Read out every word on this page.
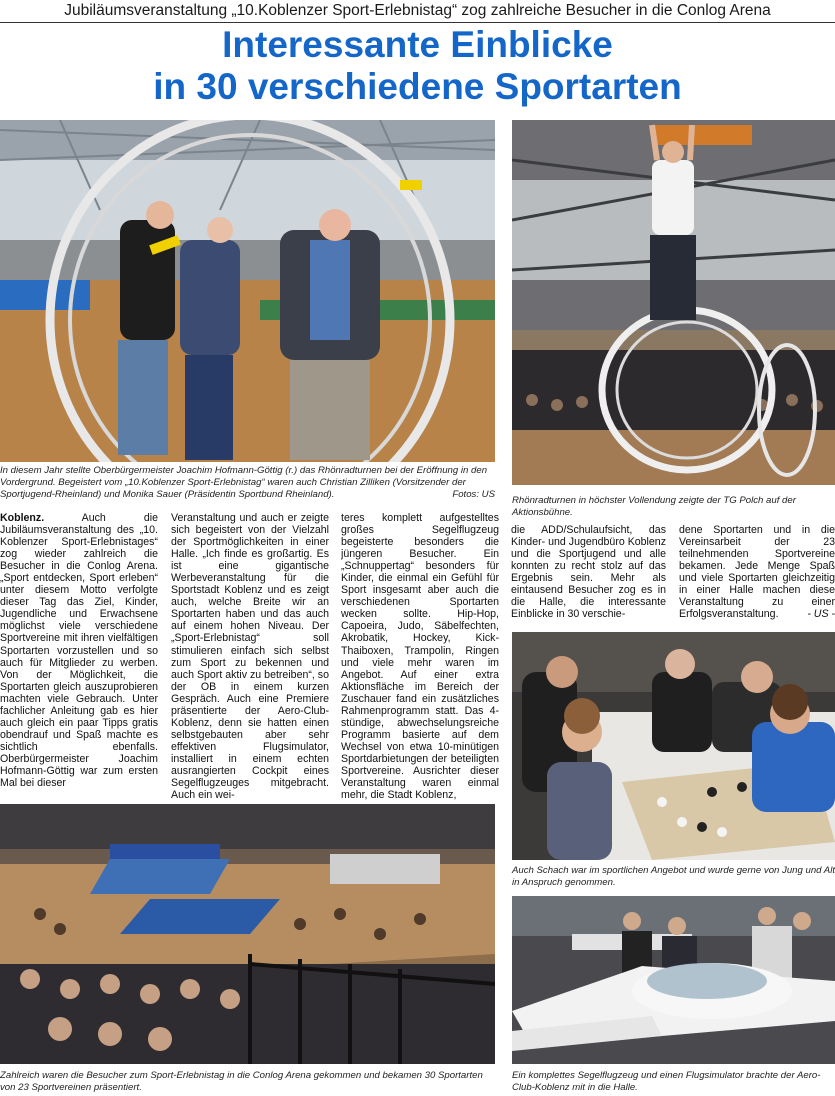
Jubiläumsveranstaltung „10.Koblenzer Sport-Erlebnistag“ zog zahlreiche Besucher in die Conlog Arena
Interessante Einblicke
in 30 verschiedene Sportarten
In diesem Jahr stellte Oberbürgermeister Joachim Hofmann-Göttig (r.) das Rhönradturnen bei der Eröffnung in den Vordergrund. Begeistert vom „10.Koblenzer Sport-Erlebnistag“ waren auch Christian Zilliken (Vorsitzender der Sportjugend-Rheinland) und Monika Sauer (Präsidentin Sportbund Rheinland).	Fotos: US
Rhönradturnen in höchster Vollendung zeigte der TG Polch auf der Aktionsbühne.

Koblenz. Auch die Jubiläumsveranstaltung des „10. Koblenzer Sport-Erlebnistages“ zog wieder zahlreich die Besucher in die Conlog Arena. „Sport entdecken, Sport erleben“ unter diesem Motto verfolgte dieser Tag das Ziel, Kinder, Jugendliche und Erwachsene möglichst viele verschiedene Sportvereine mit ihren vielfältigen Sportarten vorzustellen und so auch für Mitglieder zu werben. Von der Möglichkeit, die Sportarten gleich auszuprobieren machten viele Gebrauch. Unter fachlicher Anleitung gab es hier auch gleich ein paar Tipps gratis obendrauf und Spaß machte es sichtlich ebenfalls. Oberbürgermeister Joachim Hofmann-Göttig war zum ersten Mal bei dieser

Veranstaltung und auch er zeigte sich begeistert von der Vielzahl der Sportmöglichkeiten in einer Halle. „Ich finde es großartig. Es ist eine gigantische Werbeveranstaltung für die Sportstadt Koblenz und es zeigt auch, welche Breite wir an Sportarten haben und das auch auf einem hohen Niveau. Der „Sport-Erlebnistag“ soll stimulieren einfach sich selbst zum Sport zu bekennen und auch Sport aktiv zu betreiben“, so der OB in einem kurzen Gespräch. Auch eine Premiere präsentierte der Aero-Club-Koblenz, denn sie hatten einen selbstgebauten aber sehr effektiven Flugsimulator, installiert in einem echten ausrangierten Cockpit eines Segelflugzeuges mitgebracht. Auch ein wei-

teres komplett aufgestelltes großes Segelflugzeug begeisterte besonders die jüngeren Besucher. Ein „Schnuppertag“ besonders für Kinder, die einmal ein Gefühl für Sport insgesamt aber auch die verschiedenen Sportarten wecken sollte. Hip-Hop, Capoeira, Judo, Säbelfechten, Akrobatik, Hockey, Kick-Thaiboxen, Trampolin, Ringen und viele mehr waren im Angebot. Auf einer extra Aktionsfläche im Bereich der Zuschauer fand ein zusätzliches Rahmenprogramm statt. Das 4-stündige, abwechselungsreiche Programm basierte auf dem Wechsel von etwa 10-minütigen Sportdarbietungen der beteiligten Sportvereine. Ausrichter dieser Veranstaltung waren einmal mehr, die Stadt Koblenz,

die ADD/Schulaufsicht, das Kinder- und Jugendbüro Koblenz und die Sportjugend und alle konnten zu recht stolz auf das Ergebnis sein. Mehr als eintausend Besucher zog es in die Halle, die interessante Einblicke in 30 verschie-

dene Sportarten und in die Vereinsarbeit der 23 teilnehmenden Sportvereine bekamen. Jede Menge Spaß und viele Sportarten gleichzeitig in einer Halle machen diese Veranstaltung zu einer Erfolgsveranstaltung.	- US -

Auch Schach war im sportlichen Angebot und wurde gerne von Jung und Alt in Anspruch genommen.
Zahlreich waren die Besucher zum Sport-Erlebnistag in die Conlog Arena gekommen und bekamen 30 Sportarten von 23 Sportvereinen präsentiert.
Ein komplettes Segelflugzeug und einen Flugsimulator brachte der Aero-Club-Koblenz mit in die Halle.
